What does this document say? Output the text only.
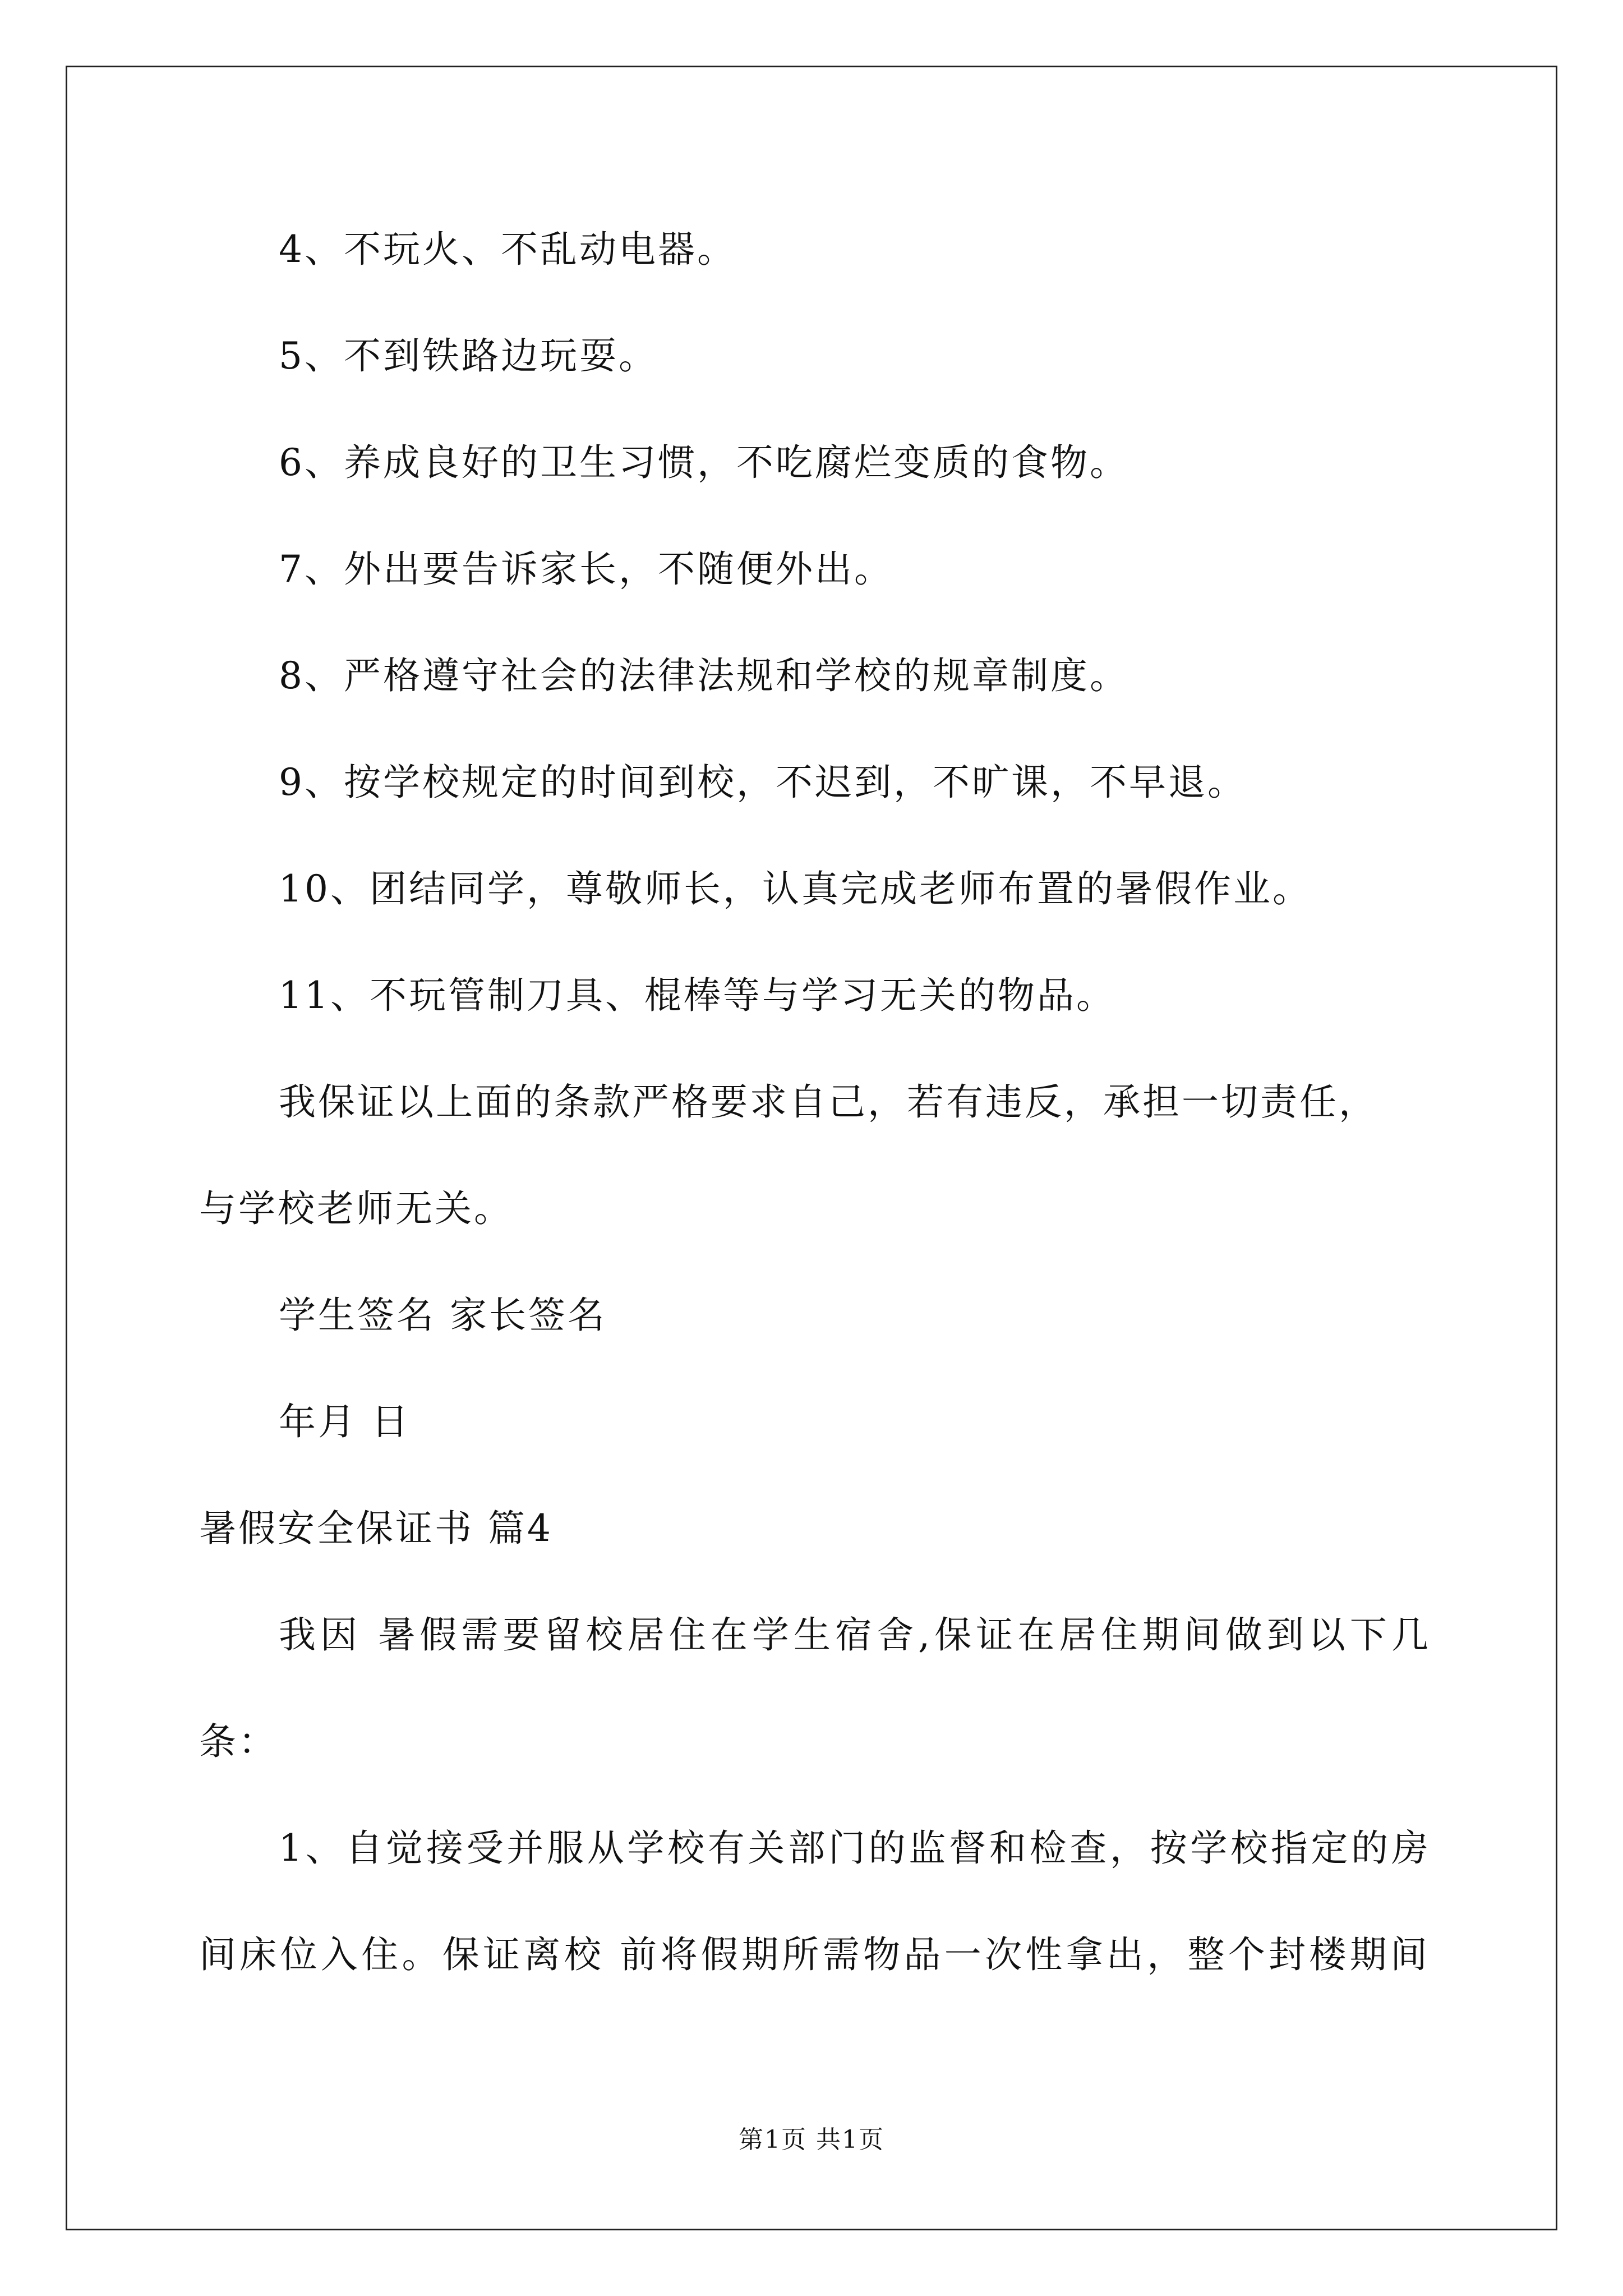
4、不玩火、不乱动电器。
5、不到铁路边玩耍。
6、养成良好的卫生习惯，不吃腐烂变质的食物。
7、外出要告诉家长，不随便外出。
8、严格遵守社会的法律法规和学校的规章制度。
9、按学校规定的时间到校，不迟到，不旷课，不早退。
10、团结同学，尊敬师长，认真完成老师布置的暑假作业。
11、不玩管制刀具、棍棒等与学习无关的物品。
我保证以上面的条款严格要求自己，若有违反，承担一切责任，
与学校老师无关。
学生签名 家长签名
年月 日
暑假安全保证书 篇4
我因 暑假需要留校居住在学生宿舍,保证在居住期间做到以下几
条：
1、自觉接受并服从学校有关部门的监督和检查，按学校指定的房
间床位入住。保证离校 前将假期所需物品一次性拿出，整个封楼期间
第1页 共1页
